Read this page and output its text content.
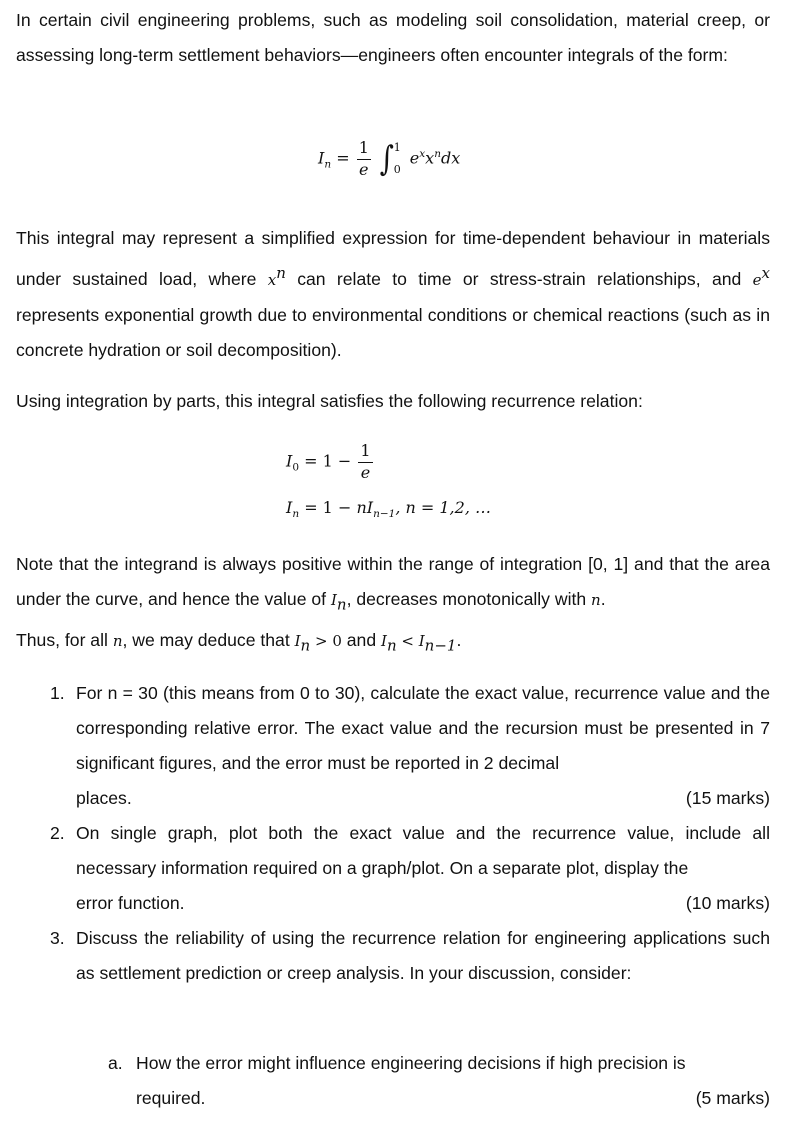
In certain civil engineering problems, such as modeling soil consolidation, material creep, or assessing long-term settlement behaviors—engineers often encounter integrals of the form:

$I_n = \frac{1}{e}$ ∫ 1
0
$e^xx^ndx$

This integral may represent a simplified expression for time-dependent behaviour in materials under sustained load, where $x^n$ can relate to time or stress-strain relationships, and $e^x$ represents exponential growth due to environmental conditions or chemical reactions (such as in concrete hydration or soil decomposition).

Using integration by parts, this integral satisfies the following recurrence relation:

$I_0 = 1 - \frac{1}{e}$
$I_n = 1 - nI_{n-1}$, n = 1,2, …

Note that the integrand is always positive within the range of integration [0, 1] and that the area under the curve, and hence the value of $I_n$, decreases monotonically with n.
Thus, for all n, we may deduce that $I_n > 0$ and $I_n < I_{n-1}$.

1. For n = 30 (this means from 0 to 30), calculate the exact value, recurrence value and the corresponding relative error. The exact value and the recursion must be presented in 7 significant figures, and the error must be reported in 2 decimal
places.	(15 marks)
2. On single graph, plot both the exact value and the recurrence value, include all necessary information required on a graph/plot. On a separate plot, display the
error function.	(10 marks)
3. Discuss the reliability of using the recurrence relation for engineering applications such as settlement prediction or creep analysis. In your discussion, consider:
a. How the error might influence engineering decisions if high precision is
required.	(5 marks)
